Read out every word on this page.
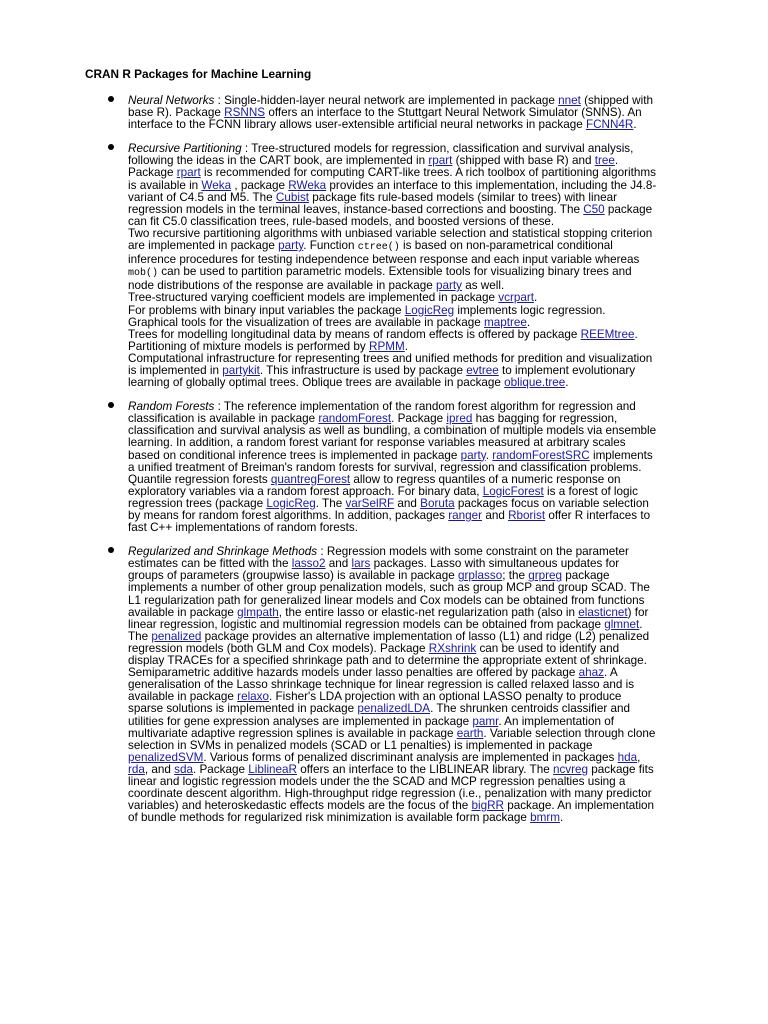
CRAN R Packages for Machine Learning

Neural Networks : Single-hidden-layer neural network are implemented in package nnet (shipped with base R). Package RSNNS offers an interface to the Stuttgart Neural Network Simulator (SNNS). An interface to the FCNN library allows user-extensible artificial neural networks in package FCNN4R.

Recursive Partitioning : Tree-structured models for regression, classification and survival analysis, following the ideas in the CART book, are implemented in rpart (shipped with base R) and tree. Package rpart is recommended for computing CART-like trees. A rich toolbox of partitioning algorithms is available in Weka , package RWeka provides an interface to this implementation, including the J4.8-variant of C4.5 and M5. The Cubist package fits rule-based models (similar to trees) with linear regression models in the terminal leaves, instance-based corrections and boosting. The C50 package can fit C5.0 classification trees, rule-based models, and boosted versions of these.

Two recursive partitioning algorithms with unbiased variable selection and statistical stopping criterion are implemented in package party. Function ctree() is based on non-parametrical conditional inference procedures for testing independence between response and each input variable whereas mob() can be used to partition parametric models. Extensible tools for visualizing binary trees and node distributions of the response are available in package party as well.

Tree-structured varying coefficient models are implemented in package vcrpart.

For problems with binary input variables the package LogicReg implements logic regression. Graphical tools for the visualization of trees are available in package maptree.

Trees for modelling longitudinal data by means of random effects is offered by package REEMtree. Partitioning of mixture models is performed by RPMM.

Computational infrastructure for representing trees and unified methods for predition and visualization is implemented in partykit. This infrastructure is used by package evtree to implement evolutionary learning of globally optimal trees. Oblique trees are available in package oblique.tree.

Random Forests : The reference implementation of the random forest algorithm for regression and classification is available in package randomForest. Package ipred has bagging for regression, classification and survival analysis as well as bundling, a combination of multiple models via ensemble learning. In addition, a random forest variant for response variables measured at arbitrary scales based on conditional inference trees is implemented in package party. randomForestSRC implements a unified treatment of Breiman's random forests for survival, regression and classification problems. Quantile regression forests quantregForest allow to regress quantiles of a numeric response on exploratory variables via a random forest approach. For binary data, LogicForest is a forest of logic regression trees (package LogicReg. The varSelRF and Boruta packages focus on variable selection by means for random forest algorithms. In addition, packages ranger and Rborist offer R interfaces to fast C++ implementations of random forests.

Regularized and Shrinkage Methods : Regression models with some constraint on the parameter estimates can be fitted with the lasso2 and lars packages. Lasso with simultaneous updates for groups of parameters (groupwise lasso) is available in package grplasso; the grpreg package implements a number of other group penalization models, such as group MCP and group SCAD. The L1 regularization path for generalized linear models and Cox models can be obtained from functions available in package glmpath, the entire lasso or elastic-net regularization path (also in elasticnet) for linear regression, logistic and multinomial regression models can be obtained from package glmnet. The penalized package provides an alternative implementation of lasso (L1) and ridge (L2) penalized regression models (both GLM and Cox models). Package RXshrink can be used to identify and display TRACEs for a specified shrinkage path and to determine the appropriate extent of shrinkage. Semiparametric additive hazards models under lasso penalties are offered by package ahaz. A generalisation of the Lasso shrinkage technique for linear regression is called relaxed lasso and is available in package relaxo. Fisher's LDA projection with an optional LASSO penalty to produce sparse solutions is implemented in package penalizedLDA. The shrunken centroids classifier and utilities for gene expression analyses are implemented in package pamr. An implementation of multivariate adaptive regression splines is available in package earth. Variable selection through clone selection in SVMs in penalized models (SCAD or L1 penalties) is implemented in package penalizedSVM. Various forms of penalized discriminant analysis are implemented in packages hda, rda, and sda. Package LiblineaR offers an interface to the LIBLINEAR library. The ncvreg package fits linear and logistic regression models under the the SCAD and MCP regression penalties using a coordinate descent algorithm. High-throughput ridge regression (i.e., penalization with many predictor variables) and heteroskedastic effects models are the focus of the bigRR package. An implementation of bundle methods for regularized risk minimization is available form package bmrm.
